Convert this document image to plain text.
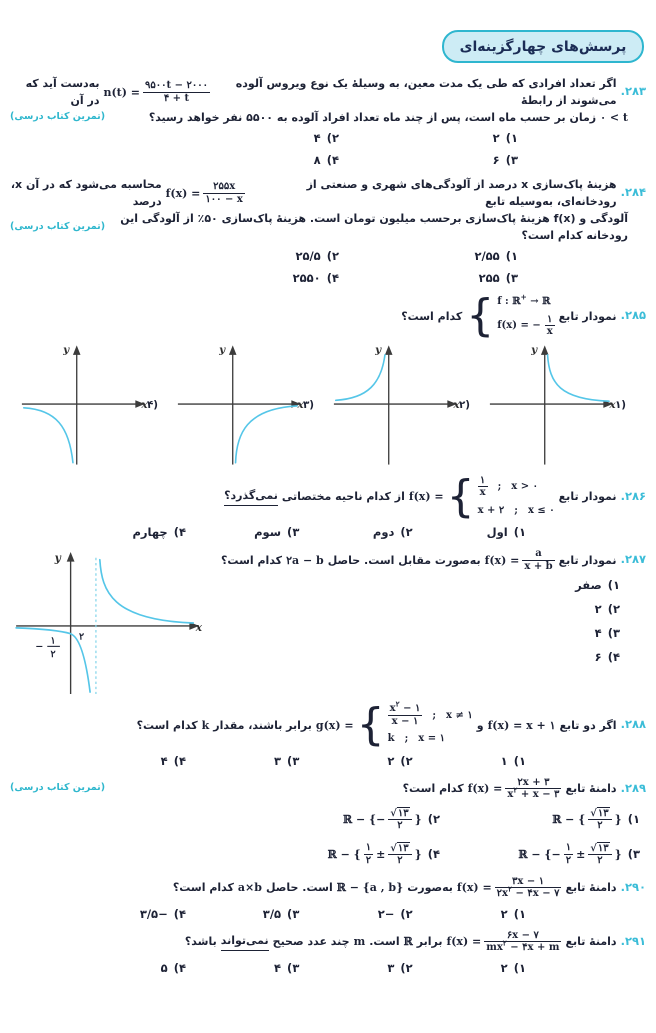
پرسش‌های چهارگزینه‌ای
۲۸۳.
اگر تعداد افرادی که طی یک مدت معین، به وسیلهٔ یک نوع ویروس آلوده می‌شوند از رابطهٔ
$n(t) = \frac{۹۵۰۰t - ۲۰۰۰}{۴ + t}$
به‌دست آید که در آن
۰ < t
زمان بر حسب ماه است، پس از چند ماه تعداد افراد آلوده به ۵۵۰۰ نفر خواهد رسید؟
(تمرین کتاب درسی)
۱)
۲
۲)
۴
۳)
۶
۴)
۸
۲۸۴.
هزینهٔ پاک‌سازی x درصد از آلودگی‌های شهری و صنعتی از رودخانه‌ای، به‌وسیله تابع
$f(x) = \frac{۲۵۵x}{۱۰۰ - x}$
محاسبه می‌شود که در آن x، درصد
آلودگی و f(x) هزینهٔ پاک‌سازی برحسب میلیون تومان است. هزینهٔ پاک‌سازی ۵۰٪ از آلودگی این رودخانه کدام است؟
(تمرین کتاب درسی)
۱)
۲/۵۵
۲)
۲۵/۵
۳)
۲۵۵
۴)
۲۵۵۰
۲۸۵.
نمودار تابع
{ f : ℝ+ → ℝ
f(x) = − $\frac{۱}{x}$
کدام است؟
y
x (۱
y
x (۲
y
x (۳
y
x (۴
۲۸۶.
نمودار تابع
f(x) = { $\frac{۱}{x}$ ; x > ۰
x + ۲ ; x ≤ ۰
از کدام ناحیه مختصاتی
نمی‌گذرد؟
۱)
اول
۲)
دوم
۳)
سوم
۴)
چهارم
۲۸۷.
نمودار تابع
$f(x) = \frac{a}{x + b}$
به‌صورت مقابل است. حاصل
۲a − b
کدام است؟
۱)
صفر
۲)
۲
۳)
۴
۴)
۶
y
x
۲
−
۱
۲
۲۸۸.
اگر دو تابع
f(x) = x + ۱
و
g(x) = { $\frac{x^۲ - ۱}{x - ۱}$ ; x ≠ ۱
k ; x = ۱
برابر باشند، مقدار
k
کدام است؟
۱)
۱
۲)
۲
۳)
۳
۴)
۴
۲۸۹.
دامنهٔ تابع
$f(x) = \frac{۲x + ۳}{x^۲ + x - ۳}$
کدام است؟
(تمرین کتاب درسی)
۱)
ℝ − { $\frac{√ ۱۳}{۲}$ }
۲)
ℝ − {− $\frac{√ ۱۳}{۲}$ }
۳)
ℝ − {− $\frac{۱}{۲} \pm \frac{√ ۱۳}{۲}$ }
۴)
ℝ − { $\frac{۱}{۲} \pm \frac{√ ۱۳}{۲}$ }
۲۹۰.
دامنهٔ تابع
$f(x) = \frac{۳x - ۱}{۲x^۲ - ۴x - ۷}$
به‌صورت
ℝ − {a , b}
است. حاصل
a×b
کدام است؟
۱)
۲
۲)
−۲
۳)
۳/۵
۴)
−۳/۵
۲۹۱.
دامنهٔ تابع
$f(x) = \frac{۶x - ۷}{mx^۲ - ۴x + m}$
برابر
ℝ
است.
m
چند عدد صحیح
نمی‌تواند
باشد؟
۱)
۲
۲)
۳
۳)
۴
۴)
۵
